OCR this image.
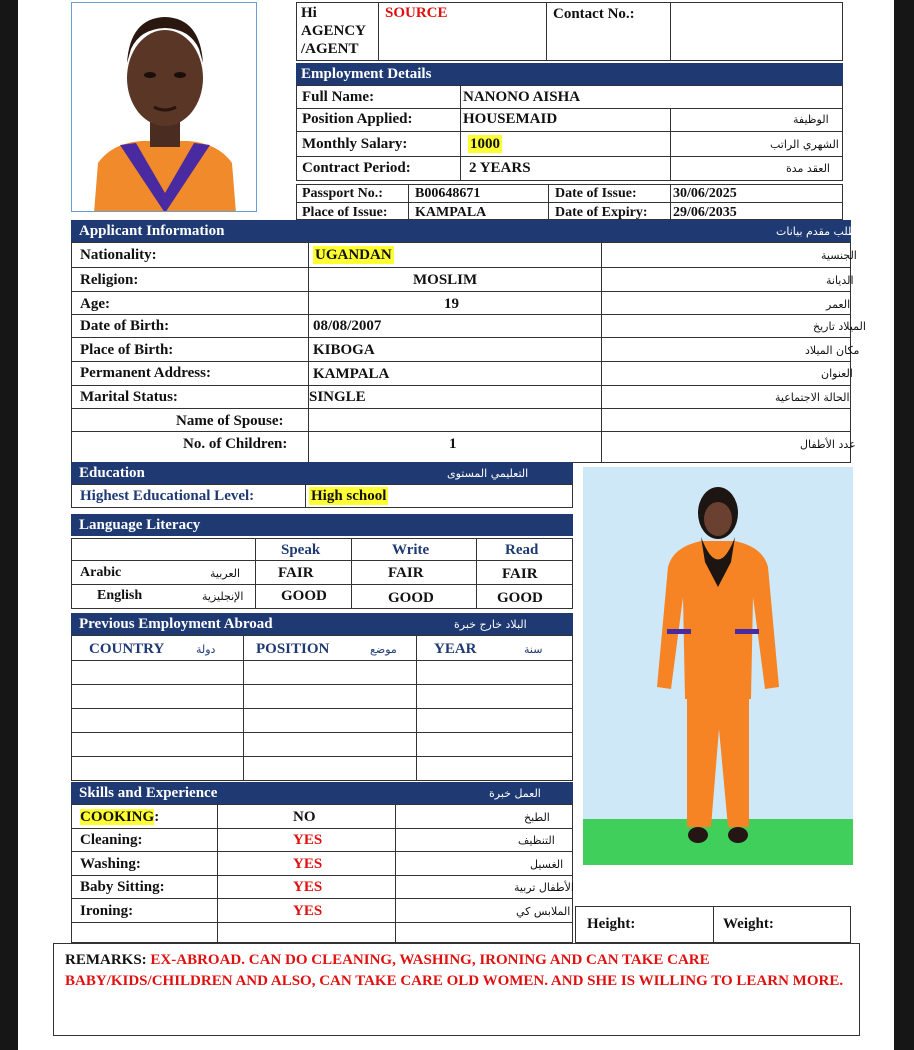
Hi
AGENCY
/AGENT
SOURCE	Contact No.:
Employment Details
Full Name:	NANONO AISHA
Position Applied:	HOUSEMAID	الوظيفة
Monthly Salary:	1000	الشهري الراتب
Contract Period:	2 YEARS	العقد مدة
Passport No.: B00648671	Date of Issue:	30/06/2025
Place of Issue: KAMPALA	Date of Expiry: 29/06/2035
Applicant Information	الطلب مقدم بيانات
Nationality:	UGANDAN	الجنسية
Religion:	MOSLIM	الديانة
Age:	19	العمر
Date of Birth:	08/08/2007	الميلاد تاريخ
Place of Birth:	KIBOGA	مكان الميلاد
Permanent Address:	KAMPALA	العنوان
Marital Status:	SINGLE	الحالة الاجتماعية
Name of Spouse:
No. of Children:	1	عدد الأطفال
Education	التعليمي المستوى
Highest Educational Level:	High school
Language Literacy
Speak	Write	Read
Arabic	العربية	FAIR	FAIR	FAIR
English	الإنجليزية	GOOD	GOOD	GOOD
Previous Employment Abroad	البلاد خارج خبرة
COUNTRY	دولة	POSITION	موضع YEAR	سنة
Skills and Experience	العمل خبرة
COOKING:	NO	الطبخ
Cleaning:	YES	التنظيف
Washing:	YES	الغسيل
Baby Sitting:	YES	الأطفال تربية
Ironing:	YES	الملابس كي
Height:	Weight:
REMARKS: EX-ABROAD. CAN DO CLEANING, WASHING, IRONING AND CAN TAKE CARE
BABY/KIDS/CHILDREN AND ALSO, CAN TAKE CARE OLD WOMEN. AND SHE IS WILLING TO LEARN MORE.
